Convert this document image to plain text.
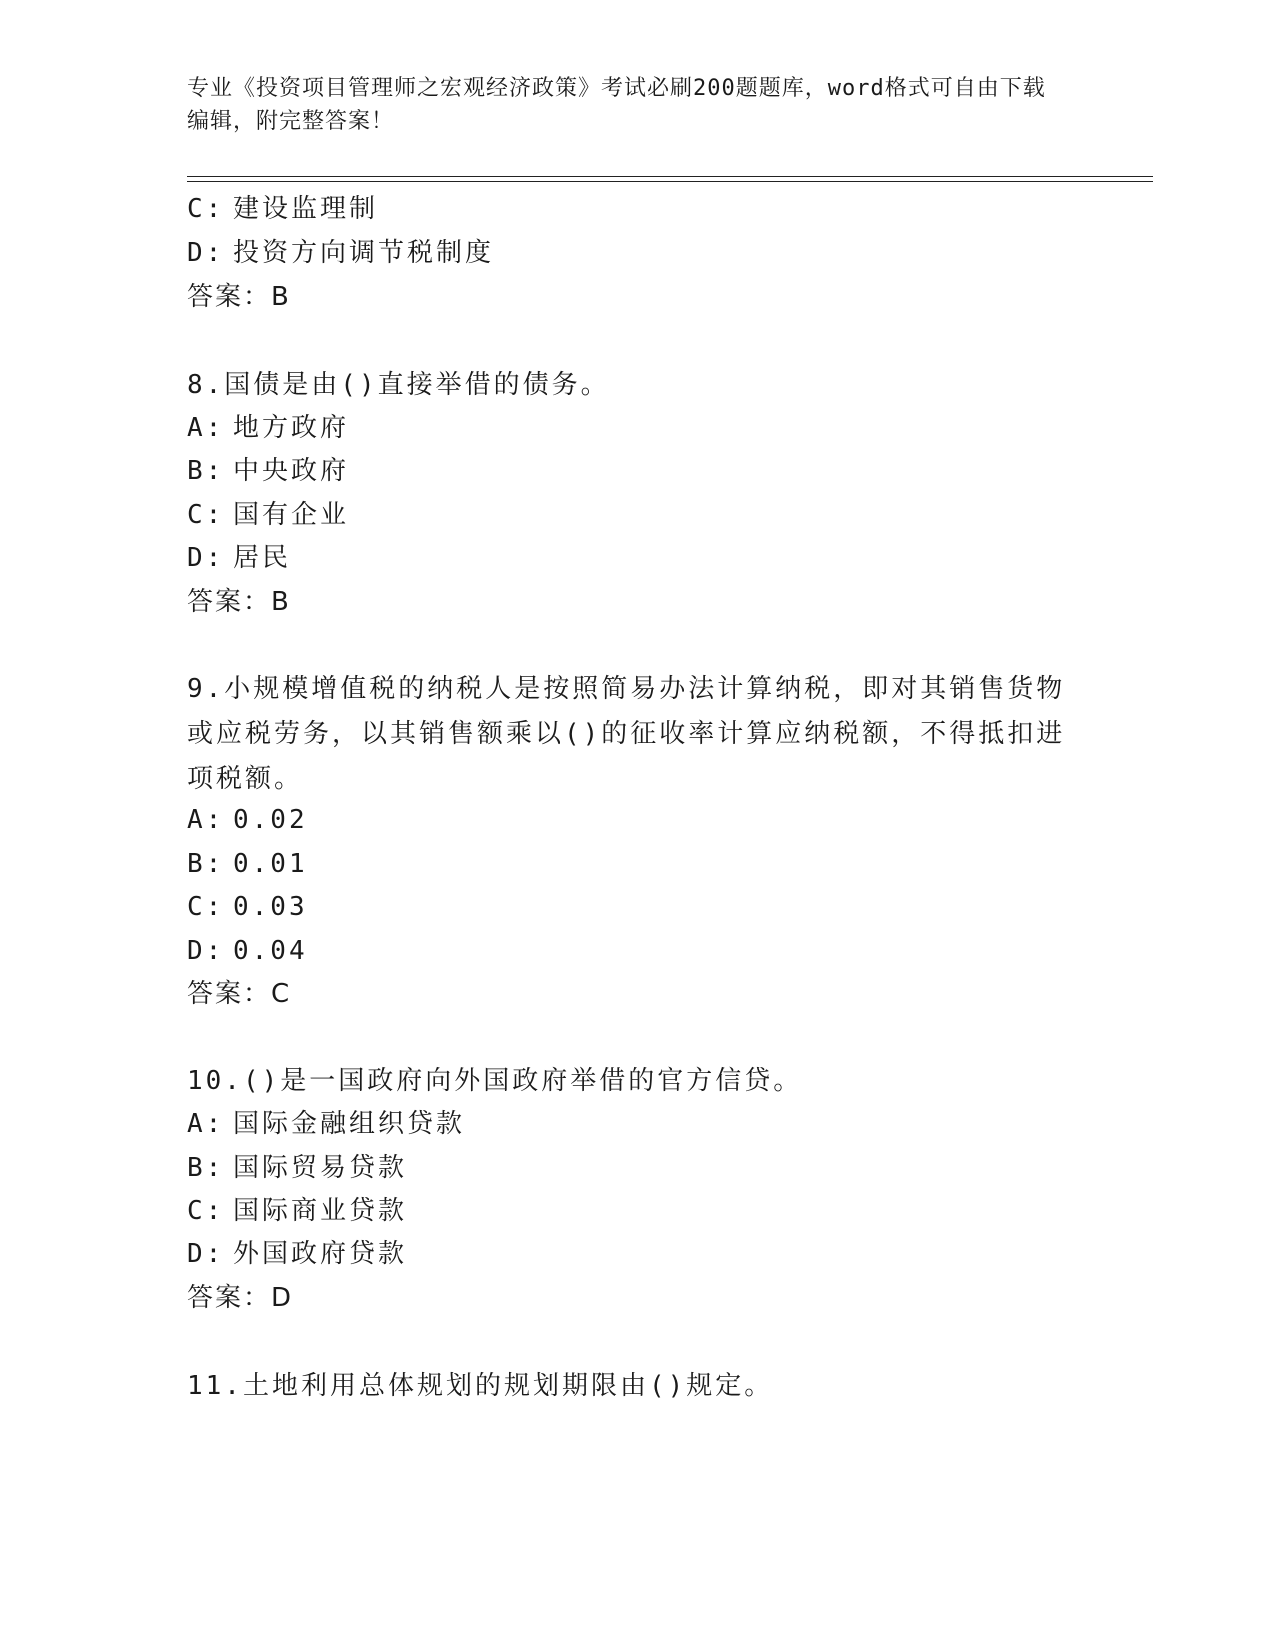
专业《投资项目管理师之宏观经济政策》考试必刷200题题库，word格式可自由下载编辑，附完整答案！
C: 建设监理制
D: 投资方向调节税制度
答案：B
8.国债是由()直接举借的债务。
A: 地方政府
B: 中央政府
C: 国有企业
D: 居民
答案：B
9.小规模增值税的纳税人是按照简易办法计算纳税，即对其销售货物或应税劳务，以其销售额乘以()的征收率计算应纳税额，不得抵扣进项税额。
A: 0.02
B: 0.01
C: 0.03
D: 0.04
答案：C
10.()是一国政府向外国政府举借的官方信贷。
A: 国际金融组织贷款
B: 国际贸易贷款
C: 国际商业贷款
D: 外国政府贷款
答案：D
11.土地利用总体规划的规划期限由()规定。
